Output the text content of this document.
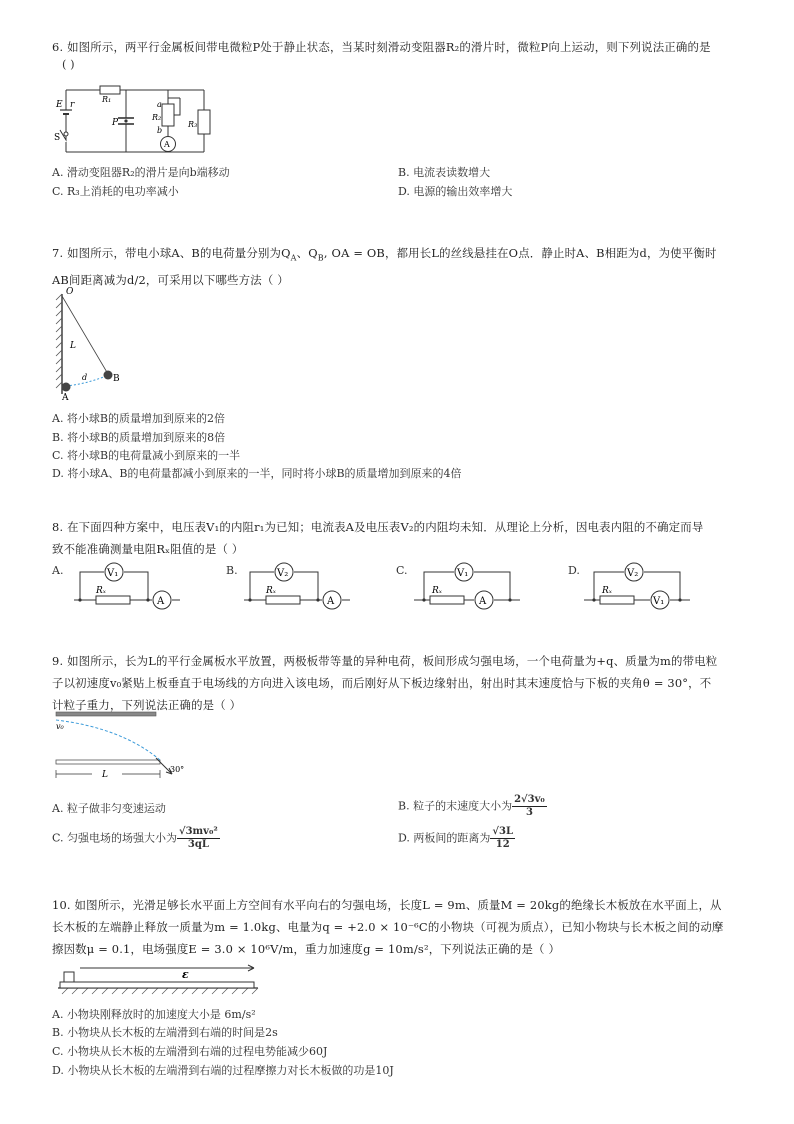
6. 如图所示，两平行金属板间带电微粒P处于静止状态，当某时刻滑动变阻器R₂的滑片时，微粒P向上运动，则下列说法正确的是

( )
E r
R₁
P
a
R₂
b
A
R₃
S
A. 滑动变阻器R₂的滑片是向b端移动	B. 电流表读数增大
C. R₃上消耗的电功率减小	D. 电源的输出效率增大

7. 如图所示，带电小球A、B的电荷量分别为$Q_A$、$Q_B$, OA = OB，都用长L的丝线悬挂在O点．静止时A、B相距为d，为使平衡时

AB间距离减为d/2，可采用以下哪些方法（ ）

O
L
d
A
B
A. 将小球B的质量增加到原来的2倍
B. 将小球B的质量增加到原来的8倍
C. 将小球B的电荷量减小到原来的一半
D. 将小球A、B的电荷量都减小到原来的一半，同时将小球B的质量增加到原来的4倍

8. 在下面四种方案中，电压表V₁的内阻r₁为已知；电流表A及电压表V₂的内阻均未知．从理论上分析，因电表内阻的不确定而导

致不能准确测量电阻Rₓ阻值的是（ ）

A.	V₁
A
Rₓ
B.	V₂
A
Rₓ
C.	V₁
A
Rₓ
D.	V₂
V₁
Rₓ

9. 如图所示，长为L的平行金属板水平放置，两极板带等量的异种电荷，板间形成匀强电场，一个电荷量为+q、质量为m的带电粒

子以初速度v₀紧贴上板垂直于电场线的方向进入该电场，而后刚好从下板边缘射出，射出时其末速度恰与下板的夹角θ = 30°，不

计粒子重力，下列说法正确的是（ ）

v₀
L
30°
A. 粒子做非匀变速运动	B. 粒子的末速度大小为 $\frac{\text{2√3v₀}}{3}$
C. 匀强电场的场强大小为 $\frac{\text{√3mv₀²}}{3qL}$	D. 两板间的距离为 $\frac{√3L}{12}$

10. 如图所示，光滑足够长水平面上方空间有水平向右的匀强电场，长度L = 9m、质量M = 20kg的绝缘长木板放在水平面上，从

长木板的左端静止释放一质量为m = 1.0kg、电量为q = +2.0 × 10⁻⁶C的小物块（可视为质点），已知小物块与长木板之间的动摩

擦因数μ = 0.1，电场强度E = 3.0 × 10⁶V/m，重力加速度g = 10m/s²，下列说法正确的是（ ）

ε
A. 小物块刚释放时的加速度大小是 6m/s²
B. 小物块从长木板的左端滑到右端的时间是2s
C. 小物块从长木板的左端滑到右端的过程电势能减少60J
D. 小物块从长木板的左端滑到右端的过程摩擦力对长木板做的功是10J
